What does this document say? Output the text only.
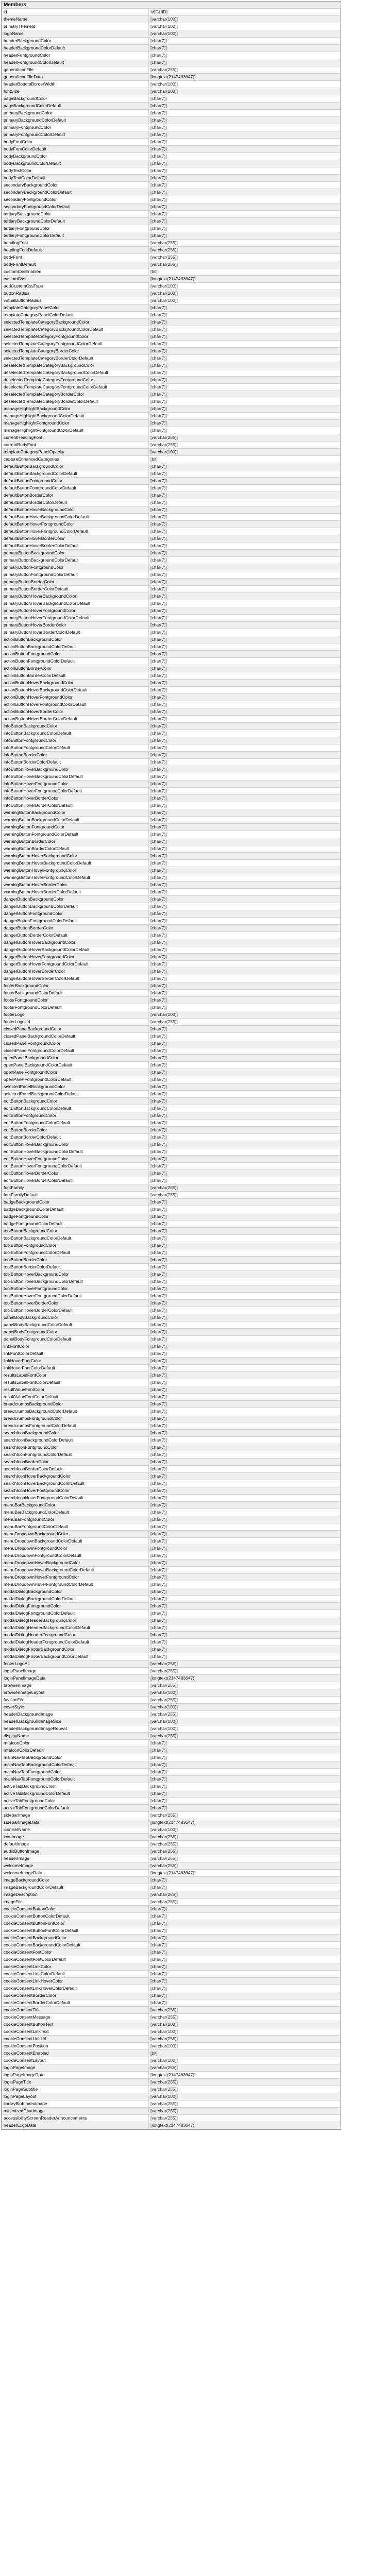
Members
id	Id[GUID]
themeName	[varchar(100)]
primaryThemeId	[varchar(100)]
logoName	[varchar(100)]
headerBackgroundColor	[char(7)]
headerBackgroundColorDefault	[char(7)]
headerFontgroundColor	[char(7)]
headerFontgroundColorDefault	[char(7)]
generalIconFile	[varchar(255)]
generalIconFileData	[longtext(2147483647)]
headerBottomBorderWidth	[varchar(100)]
fontSize	[varchar(100)]
pageBackgroundColor	[char(7)]
pageBackgroundColorDefault	[char(7)]
primaryBackgroundColor	[char(7)]
primaryBackgroundColorDefault	[char(7)]
primaryFontgroundColor	[char(7)]
primaryFontgroundColorDefault	[char(7)]
bodyFontColor	[char(7)]
bodyFontColorDefault	[char(7)]
bodyBackgroundColor	[char(7)]
bodyBackgroundColorDefault	[char(7)]
bodyTextColor	[char(7)]
bodyTextColorDefault	[char(7)]
secondaryBackgroundColor	[char(7)]
secondaryBackgroundColorDefault	[char(7)]
secondaryFontgroundColor	[char(7)]
secondaryFontgroundColorDefault	[char(7)]
tertiaryBackgroundColor	[char(7)]
tertiaryBackgroundColorDefault	[char(7)]
tertiaryFontgroundColor	[char(7)]
tertiaryFontgroundColorDefault	[char(7)]
headingFont	[varchar(255)]
headingFontDefault	[varchar(255)]
bodyFont	[varchar(255)]
bodyFontDefault	[varchar(255)]
customCssEnabled	[bit]
customCss	[longtext(2147483647)]
addCustomCssType	[varchar(100)]
buttonRadius	[varchar(100)]
virtualButtonRadius	[varchar(100)]
templateCategoryPanelColor	[char(7)]
templateCategoryPanelColorDefault	[char(7)]
selectedTemplateCategoryBackgroundColor	[char(7)]
selectedTemplateCategoryBackgroundColorDefault	[char(7)]
selectedTemplateCategoryFontgroundColor	[char(7)]
selectedTemplateCategoryFontgroundColorDefault	[char(7)]
selectedTemplateCategoryBorderColor	[char(7)]
selectedTemplateCategoryBorderColorDefault	[char(7)]
deselectedTemplateCategoryBackgroundColor	[char(7)]
deselectedTemplateCategoryBackgroundColorDefault	[char(7)]
deselectedTemplateCategoryFontgroundColor	[char(7)]
deselectedTemplateCategoryFontgroundColorDefault	[char(7)]
deselectedTemplateCategoryBorderColor	[char(7)]
deselectedTemplateCategoryBorderColorDefault	[char(7)]
manageHighlightBackgroundColor	[char(7)]
manageHighlightBackgroundColorDefault	[char(7)]
manageHighlightFontgroundColor	[char(7)]
manageHighlightFontgroundColorDefault	[char(7)]
currentHeadingFont	[varchar(255)]
currentBodyFont	[varchar(255)]
templateCategoryPanelOpacity	[varchar(100)]
captureEnhancedCategories	[bit]
defaultButtonBackgroundColor	[char(7)]
defaultButtonBackgroundColorDefault	[char(7)]
defaultButtonFontgroundColor	[char(7)]
defaultButtonFontgroundColorDefault	[char(7)]
defaultButtonBorderColor	[char(7)]
defaultButtonBorderColorDefault	[char(7)]
defaultButtonHoverBackgroundColor	[char(7)]
defaultButtonHoverBackgroundColorDefault	[char(7)]
defaultButtonHoverFontgroundColor	[char(7)]
defaultButtonHoverFontgroundColorDefault	[char(7)]
defaultButtonHoverBorderColor	[char(7)]
defaultButtonHoverBorderColorDefault	[char(7)]
primaryButtonBackgroundColor	[char(7)]
primaryButtonBackgroundColorDefault	[char(7)]
primaryButtonFontgroundColor	[char(7)]
primaryButtonFontgroundColorDefault	[char(7)]
primaryButtonBorderColor	[char(7)]
primaryButtonBorderColorDefault	[char(7)]
primaryButtonHoverBackgroundColor	[char(7)]
primaryButtonHoverBackgroundColorDefault	[char(7)]
primaryButtonHoverFontgroundColor	[char(7)]
primaryButtonHoverFontgroundColorDefault	[char(7)]
primaryButtonHoverBorderColor	[char(7)]
primaryButtonHoverBorderColorDefault	[char(7)]
actionButtonBackgroundColor	[char(7)]
actionButtonBackgroundColorDefault	[char(7)]
actionButtonFontgroundColor	[char(7)]
actionButtonFontgroundColorDefault	[char(7)]
actionButtonBorderColor	[char(7)]
actionButtonBorderColorDefault	[char(7)]
actionButtonHoverBackgroundColor	[char(7)]
actionButtonHoverBackgroundColorDefault	[char(7)]
actionButtonHoverFontgroundColor	[char(7)]
actionButtonHoverFontgroundColorDefault	[char(7)]
actionButtonHoverBorderColor	[char(7)]
actionButtonHoverBorderColorDefault	[char(7)]
infoButtonBackgroundColor	[char(7)]
infoButtonBackgroundColorDefault	[char(7)]
infoButtonFontgroundColor	[char(7)]
infoButtonFontgroundColorDefault	[char(7)]
infoButtonBorderColor	[char(7)]
infoButtonBorderColorDefault	[char(7)]
infoButtonHoverBackgroundColor	[char(7)]
infoButtonHoverBackgroundColorDefault	[char(7)]
infoButtonHoverFontgroundColor	[char(7)]
infoButtonHoverFontgroundColorDefault	[char(7)]
infoButtonHoverBorderColor	[char(7)]
infoButtonHoverBorderColorDefault	[char(7)]
warningButtonBackgroundColor	[char(7)]
warningButtonBackgroundColorDefault	[char(7)]
warningButtonFontgroundColor	[char(7)]
warningButtonFontgroundColorDefault	[char(7)]
warningButtonBorderColor	[char(7)]
warningButtonBorderColorDefault	[char(7)]
warningButtonHoverBackgroundColor	[char(7)]
warningButtonHoverBackgroundColorDefault	[char(7)]
warningButtonHoverFontgroundColor	[char(7)]
warningButtonHoverFontgroundColorDefault	[char(7)]
warningButtonHoverBorderColor	[char(7)]
warningButtonHoverBorderColorDefault	[char(7)]
dangerButtonBackgroundColor	[char(7)]
dangerButtonBackgroundColorDefault	[char(7)]
dangerButtonFontgroundColor	[char(7)]
dangerButtonFontgroundColorDefault	[char(7)]
dangerButtonBorderColor	[char(7)]
dangerButtonBorderColorDefault	[char(7)]
dangerButtonHoverBackgroundColor	[char(7)]
dangerButtonHoverBackgroundColorDefault	[char(7)]
dangerButtonHoverFontgroundColor	[char(7)]
dangerButtonHoverFontgroundColorDefault	[char(7)]
dangerButtonHoverBorderColor	[char(7)]
dangerButtonHoverBorderColorDefault	[char(7)]
footerBackgroundColor	[char(7)]
footerBackgroundColorDefault	[char(7)]
footerFontgroundColor	[char(7)]
footerFontgroundColorDefault	[char(7)]
footerLogo	[varchar(100)]
footerLogoUrl	[varchar(255)]
closedPanelBackgroundColor	[char(7)]
closedPanelBackgroundColorDefault	[char(7)]
closedPanelFontgroundColor	[char(7)]
closedPanelFontgroundColorDefault	[char(7)]
openPanelBackgroundColor	[char(7)]
openPanelBackgroundColorDefault	[char(7)]
openPanelFontgroundColor	[char(7)]
openPanelFontgroundColorDefault	[char(7)]
selectedPanelBackgroundColor	[char(7)]
selectedPanelBackgroundColorDefault	[char(7)]
editButtonBackgroundColor	[char(7)]
editButtonBackgroundColorDefault	[char(7)]
editButtonFontgroundColor	[char(7)]
editButtonFontgroundColorDefault	[char(7)]
editButtonBorderColor	[char(7)]
editButtonBorderColorDefault	[char(7)]
editButtonHoverBackgroundColor	[char(7)]
editButtonHoverBackgroundColorDefault	[char(7)]
editButtonHoverFontgroundColor	[char(7)]
editButtonHoverFontgroundColorDefault	[char(7)]
editButtonHoverBorderColor	[char(7)]
editButtonHoverBorderColorDefault	[char(7)]
fontFamily	[varchar(255)]
fontFamilyDefault	[varchar(255)]
badgeBackgroundColor	[char(7)]
badgeBackgroundColorDefault	[char(7)]
badgeFontgroundColor	[char(7)]
badgeFontgroundColorDefault	[char(7)]
toolButtonBackgroundColor	[char(7)]
toolButtonBackgroundColorDefault	[char(7)]
toolButtonFontgroundColor	[char(7)]
toolButtonFontgroundColorDefault	[char(7)]
toolButtonBorderColor	[char(7)]
toolButtonBorderColorDefault	[char(7)]
toolButtonHoverBackgroundColor	[char(7)]
toolButtonHoverBackgroundColorDefault	[char(7)]
toolButtonHoverFontgroundColor	[char(7)]
toolButtonHoverFontgroundColorDefault	[char(7)]
toolButtonHoverBorderColor	[char(7)]
toolButtonHoverBorderColorDefault	[char(7)]
panelBodyBackgroundColor	[char(7)]
panelBodyBackgroundColorDefault	[char(7)]
panelBodyFontgroundColor	[char(7)]
panelBodyFontgroundColorDefault	[char(7)]
linkFontColor	[char(7)]
linkFontColorDefault	[char(7)]
linkHoverFontColor	[char(7)]
linkHoverFontColorDefault	[char(7)]
resultsLabelFontColor	[char(7)]
resultsLabelFontColorDefault	[char(7)]
resultValueFontColor	[char(7)]
resultValueFontColorDefault	[char(7)]
breadcrumbsBackgroundColor	[char(7)]
breadcrumbsBackgroundColorDefault	[char(7)]
breadcrumbsFontgroundColor	[char(7)]
breadcrumbsFontgroundColorDefault	[char(7)]
searchIconBackgroundColor	[char(7)]
searchIconBackgroundColorDefault	[char(7)]
searchIconFontgroundColor	[char(7)]
searchIconFontgroundColorDefault	[char(7)]
searchIconBorderColor	[char(7)]
searchIconBorderColorDefault	[char(7)]
searchIconHoverBackgroundColor	[char(7)]
searchIconHoverBackgroundColorDefault	[char(7)]
searchIconHoverFontgroundColor	[char(7)]
searchIconHoverFontgroundColorDefault	[char(7)]
menuBarBackgroundColor	[char(7)]
menuBarBackgroundColorDefault	[char(7)]
menuBarFontgroundColor	[char(7)]
menuBarFontgroundColorDefault	[char(7)]
menuDropdownBackgroundColor	[char(7)]
menuDropdownBackgroundColorDefault	[char(7)]
menuDropdownFontgroundColor	[char(7)]
menuDropdownFontgroundColorDefault	[char(7)]
menuDropdownHoverBackgroundColor	[char(7)]
menuDropdownHoverBackgroundColorDefault	[char(7)]
menuDropdownHoverFontgroundColor	[char(7)]
menuDropdownHoverFontgroundColorDefault	[char(7)]
modalDialogBackgroundColor	[char(7)]
modalDialogBackgroundColorDefault	[char(7)]
modalDialogFontgroundColor	[char(7)]
modalDialogFontgroundColorDefault	[char(7)]
modalDialogHeaderBackgroundColor	[char(7)]
modalDialogHeaderBackgroundColorDefault	[char(7)]
modalDialogHeaderFontgroundColor	[char(7)]
modalDialogHeaderFontgroundColorDefault	[char(7)]
modalDialogFooterBackgroundColor	[char(7)]
modalDialogFooterBackgroundColorDefault	[char(7)]
footerLogoAlt	[varchar(255)]
loginPanelImage	[varchar(255)]
loginPanelImageData	[longtext(2147483647)]
browserImage	[varchar(255)]
browserImageLayout	[varchar(100)]
faviconFile	[varchar(255)]
coverStyle	[varchar(100)]
headerBackgroundImage	[varchar(255)]
headerBackgroundImageSize	[varchar(100)]
headerBackgroundImageRepeat	[varchar(100)]
displayName	[varchar(255)]
mfaIconColor	[char(7)]
mfaIconColorDefault	[char(7)]
mainNavTabBackgroundColor	[char(7)]
mainNavTabBackgroundColorDefault	[char(7)]
mainNavTabFontgroundColor	[char(7)]
mainNavTabFontgroundColorDefault	[char(7)]
activeTabBackgroundColor	[char(7)]
activeTabBackgroundColorDefault	[char(7)]
activeTabFontgroundColor	[char(7)]
activeTabFontgroundColorDefault	[char(7)]
sidebarImage	[varchar(255)]
sidebarImageData	[longtext(2147483647)]
iconSetName	[varchar(100)]
iconImage	[varchar(255)]
defaultImage	[varchar(255)]
audioButtonImage	[varchar(255)]
headerImage	[varchar(255)]
welcomeImage	[varchar(255)]
welcomeImageData	[longtext(2147483647)]
imageBackgroundColor	[char(7)]
imageBackgroundColorDefault	[char(7)]
imageDescription	[varchar(255)]
imageFile	[varchar(255)]
cookieConsentButtonColor	[char(7)]
cookieConsentButtonColorDefault	[char(7)]
cookieConsentButtonFontColor	[char(7)]
cookieConsentButtonFontColorDefault	[char(7)]
cookieConsentBackgroundColor	[char(7)]
cookieConsentBackgroundColorDefault	[char(7)]
cookieConsentFontColor	[char(7)]
cookieConsentFontColorDefault	[char(7)]
cookieConsentLinkColor	[char(7)]
cookieConsentLinkColorDefault	[char(7)]
cookieConsentLinkHoverColor	[char(7)]
cookieConsentLinkHoverColorDefault	[char(7)]
cookieConsentBorderColor	[char(7)]
cookieConsentBorderColorDefault	[char(7)]
cookieConsentTitle	[varchar(255)]
cookieConsentMessage	[varchar(255)]
cookieConsentButtonText	[varchar(100)]
cookieConsentLinkText	[varchar(100)]
cookieConsentLinkUrl	[varchar(255)]
cookieConsentPosition	[varchar(100)]
cookieConsentEnabled	[bit]
cookieConsentLayout	[varchar(100)]
loginPageImage	[varchar(255)]
loginPageImageData	[longtext(2147483647)]
loginPageTitle	[varchar(255)]
loginPageSubtitle	[varchar(255)]
loginPageLayout	[varchar(100)]
libraryBlobIndexImage	[varchar(255)]
minimizedChatImage	[varchar(255)]
accessibilityScreenReaderAnnouncements	[varchar(255)]
headerLogoData	[longtext(2147483647)]
